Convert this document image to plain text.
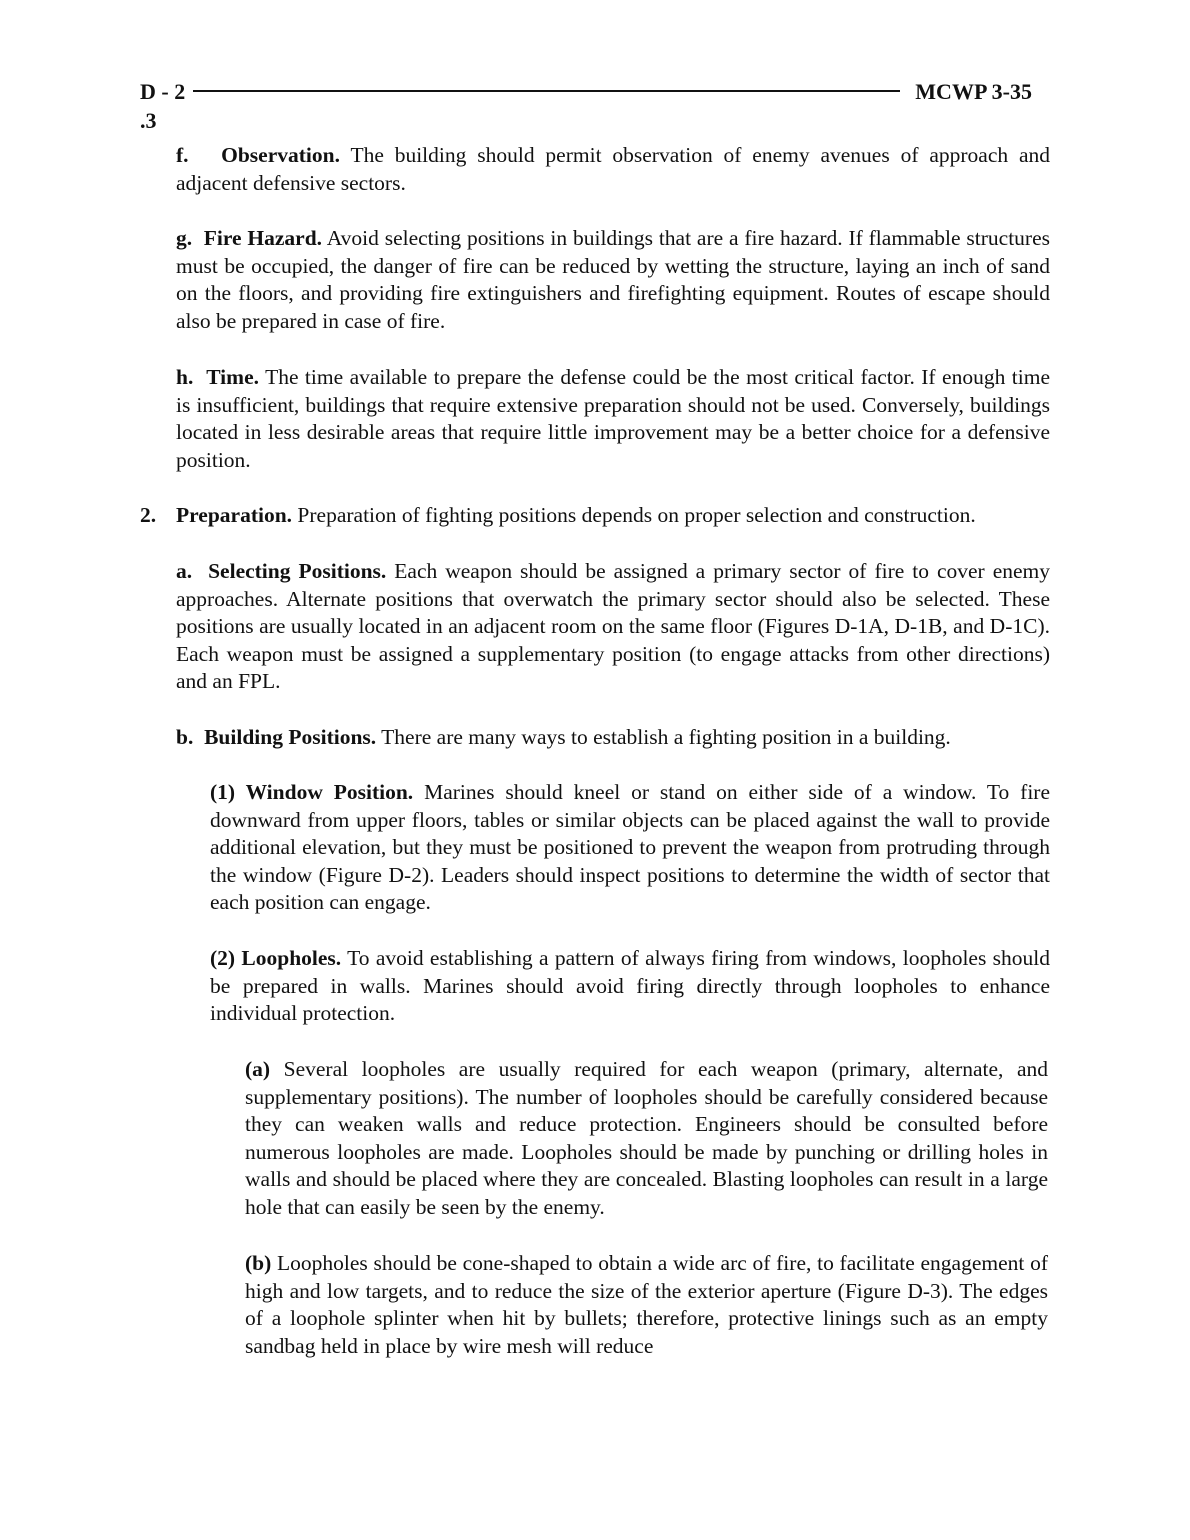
D - 2	MCWP 3-35
.3

f. Observation. The building should permit observation of enemy avenues of approach and adjacent defensive sectors.

g. Fire Hazard. Avoid selecting positions in buildings that are a fire hazard. If flammable structures must be occupied, the danger of fire can be reduced by wetting the structure, laying an inch of sand on the floors, and providing fire extinguishers and firefighting equipment. Routes of escape should also be prepared in case of fire.

h. Time. The time available to prepare the defense could be the most critical factor. If enough time is insufficient, buildings that require extensive preparation should not be used. Conversely, buildings located in less desirable areas that require little improvement may be a better choice for a defensive position.

2. Preparation. Preparation of fighting positions depends on proper selection and construction.

a. Selecting Positions. Each weapon should be assigned a primary sector of fire to cover enemy approaches. Alternate positions that overwatch the primary sector should also be selected. These positions are usually located in an adjacent room on the same floor (Figures D-1A, D-1B, and D-1C). Each weapon must be assigned a supplementary position (to engage attacks from other directions) and an FPL.

b. Building Positions. There are many ways to establish a fighting position in a building.

(1) Window Position. Marines should kneel or stand on either side of a window. To fire downward from upper floors, tables or similar objects can be placed against the wall to provide additional elevation, but they must be positioned to prevent the weapon from protruding through the window (Figure D-2). Leaders should inspect positions to determine the width of sector that each position can engage.

(2) Loopholes. To avoid establishing a pattern of always firing from windows, loopholes should be prepared in walls. Marines should avoid firing directly through loopholes to enhance individual protection.

(a) Several loopholes are usually required for each weapon (primary, alternate, and supplementary positions). The number of loopholes should be carefully considered because they can weaken walls and reduce protection. Engineers should be consulted before numerous loopholes are made. Loopholes should be made by punching or drilling holes in walls and should be placed where they are concealed. Blasting loopholes can result in a large hole that can easily be seen by the enemy.

(b) Loopholes should be cone-shaped to obtain a wide arc of fire, to facilitate engagement of high and low targets, and to reduce the size of the exterior aperture (Figure D-3). The edges of a loophole splinter when hit by bullets; therefore, protective linings such as an empty sandbag held in place by wire mesh will reduce
